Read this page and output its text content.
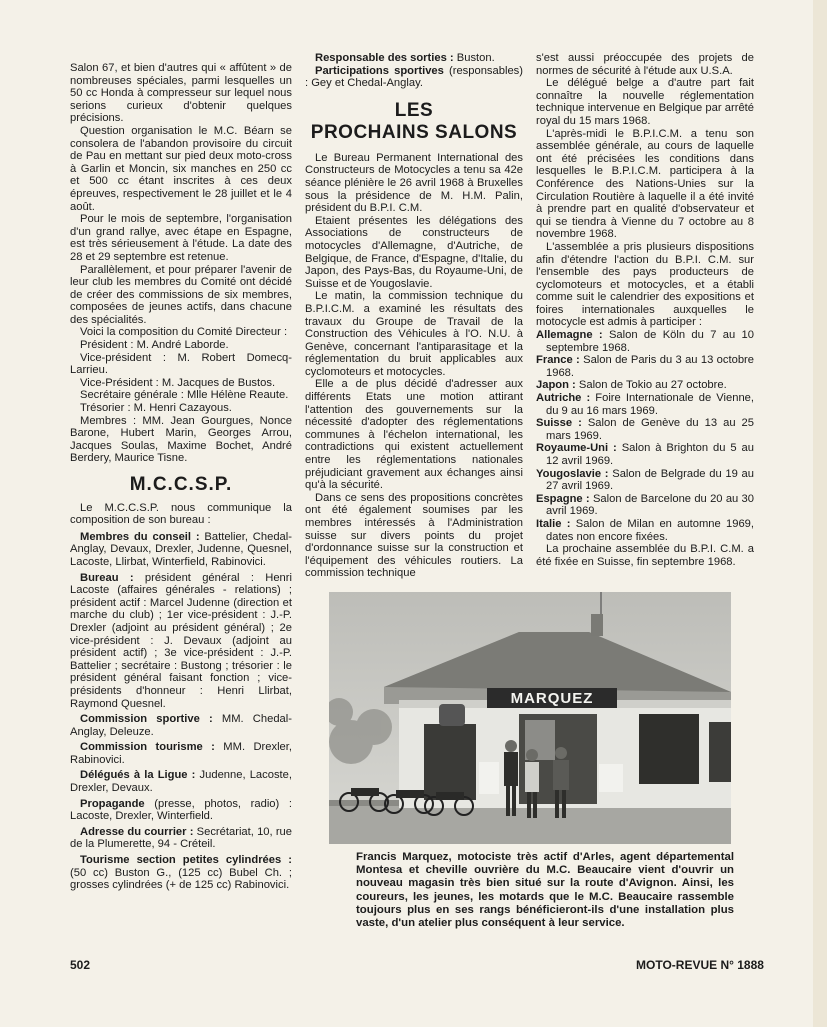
Salon 67, et bien d'autres qui « affûtent » de nombreuses spéciales, parmi lesquelles un 50 cc Honda à compresseur sur lequel nous serions curieux d'obtenir quelques précisions.

Question organisation le M.C. Béarn se consolera de l'abandon provisoire du circuit de Pau en mettant sur pied deux moto-cross à Garlin et Moncin, six manches en 250 cc et 500 cc étant inscrites à ces deux épreuves, respectivement le 28 juillet et le 4 août.

Pour le mois de septembre, l'organisation d'un grand rallye, avec étape en Espagne, est très sérieusement à l'étude. La date des 28 et 29 septembre est retenue.

Parallèlement, et pour préparer l'avenir de leur club les membres du Comité ont décidé de créer des commissions de six membres, composées de jeunes actifs, dans chacune des spécialités.

Voici la composition du Comité Directeur :

Président : M. André Laborde.

Vice-président : M. Robert Domecq-Larrieu.

Vice-Président : M. Jacques de Bustos.

Secrétaire générale : Mlle Hélène Reaute.

Trésorier : M. Henri Cazayous.

Membres : MM. Jean Gourgues, Nonce Barone, Hubert Marin, Georges Arrou, Jacques Soulas, Maxime Bochet, André Berdery, Maurice Tisne.

M.C.C.S.P.

Le M.C.C.S.P. nous communique la composition de son bureau :

Membres du conseil : Battelier, Chedal-Anglay, Devaux, Drexler, Judenne, Quesnel, Lacoste, Llirbat, Winterfield, Rabinovici.

Bureau : président général : Henri Lacoste (affaires générales - relations) ; président actif : Marcel Judenne (direction et marche du club) ; 1er vice-président : J.-P. Drexler (adjoint au président général) ; 2e vice-président : J. Devaux (adjoint au président actif) ; 3e vice-président : J.-P. Battelier ; secrétaire : Bustong ; trésorier : le président général faisant fonction ; vice-présidents d'honneur : Henri Llirbat, Raymond Quesnel.

Commission sportive : MM. Chedal-Anglay, Deleuze.

Commission tourisme : MM. Drexler, Rabinovici.

Délégués à la Ligue : Judenne, Lacoste, Drexler, Devaux.

Propagande (presse, photos, radio) : Lacoste, Drexler, Winterfield.

Adresse du courrier : Secrétariat, 10, rue de la Plumerette, 94 - Créteil.

Tourisme section petites cylindrées : (50 cc) Buston G., (125 cc) Bubel Ch. ; grosses cylindrées (+ de 125 cc) Rabinovici.

Responsable des sorties : Buston.

Participations sportives (responsables) : Gey et Chedal-Anglay.

LES
PROCHAINS SALONS

Le Bureau Permanent International des Constructeurs de Motocycles a tenu sa 42e séance plénière le 26 avril 1968 à Bruxelles sous la présidence de M. H.M. Palin, président du B.P.I. C.M.

Etaient présentes les délégations des Associations de constructeurs de motocycles d'Allemagne, d'Autriche, de Belgique, de France, d'Espagne, d'Italie, du Japon, des Pays-Bas, du Royaume-Uni, de Suisse et de Yougoslavie.

Le matin, la commission technique du B.P.I.C.M. a examiné les résultats des travaux du Groupe de Travail de la Construction des Véhicules à l'O. N.U. à Genève, concernant l'antiparasitage et la réglementation du bruit applicables aux cyclomoteurs et motocycles.

Elle a de plus décidé d'adresser aux différents Etats une motion attirant l'attention des gouvernements sur la nécessité d'adopter des réglementations communes à l'échelon international, les contradictions qui existent actuellement entre les réglementations nationales préjudiciant gravement aux échanges ainsi qu'à la sécurité.

Dans ce sens des propositions concrètes ont été également soumises par les membres intéressés à l'Administration suisse sur divers points du projet d'ordonnance suisse sur la construction et l'équipement des véhicules routiers. La commission technique

s'est aussi préoccupée des projets de normes de sécurité à l'étude aux U.S.A.

Le délégué belge a d'autre part fait connaître la nouvelle réglementation technique intervenue en Belgique par arrêté royal du 15 mars 1968.

L'après-midi le B.P.I.C.M. a tenu son assemblée générale, au cours de laquelle ont été précisées les conditions dans lesquelles le B.P.I.C.M. participera à la Conférence des Nations-Unies sur la Circulation Routière à laquelle il a été invité à prendre part en qualité d'observateur et qui se tiendra à Vienne du 7 octobre au 8 novembre 1968.

L'assemblée a pris plusieurs dispositions afin d'étendre l'action du B.P.I. C.M. sur l'ensemble des pays producteurs de cyclomoteurs et motocycles, et a établi comme suit le calendrier des expositions et foires internationales auxquelles le motocycle est admis à participer :

Allemagne : Salon de Köln du 7 au 10 septembre 1968.

France : Salon de Paris du 3 au 13 octobre 1968.

Japon : Salon de Tokio au 27 octobre.

Autriche : Foire Internationale de Vienne, du 9 au 16 mars 1969.

Suisse : Salon de Genève du 13 au 25 mars 1969.

Royaume-Uni : Salon à Brighton du 5 au 12 avril 1969.

Yougoslavie : Salon de Belgrade du 19 au 27 avril 1969.

Espagne : Salon de Barcelone du 20 au 30 avril 1969.

Italie : Salon de Milan en automne 1969, dates non encore fixées.

La prochaine assemblée du B.P.I. C.M. a été fixée en Suisse, fin septembre 1968.

MARQUEZ

Francis Marquez, motociste très actif d'Arles, agent départemental Montesa et cheville ouvrière du M.C. Beaucaire vient d'ouvrir un nouveau magasin très bien situé sur la route d'Avignon. Ainsi, les coureurs, les jeunes, les motards que le M.C. Beaucaire rassemble toujours plus en ses rangs bénéficieront-ils d'une installation plus vaste, d'un atelier plus conséquent à leur service.

502	MOTO-REVUE N° 1888
